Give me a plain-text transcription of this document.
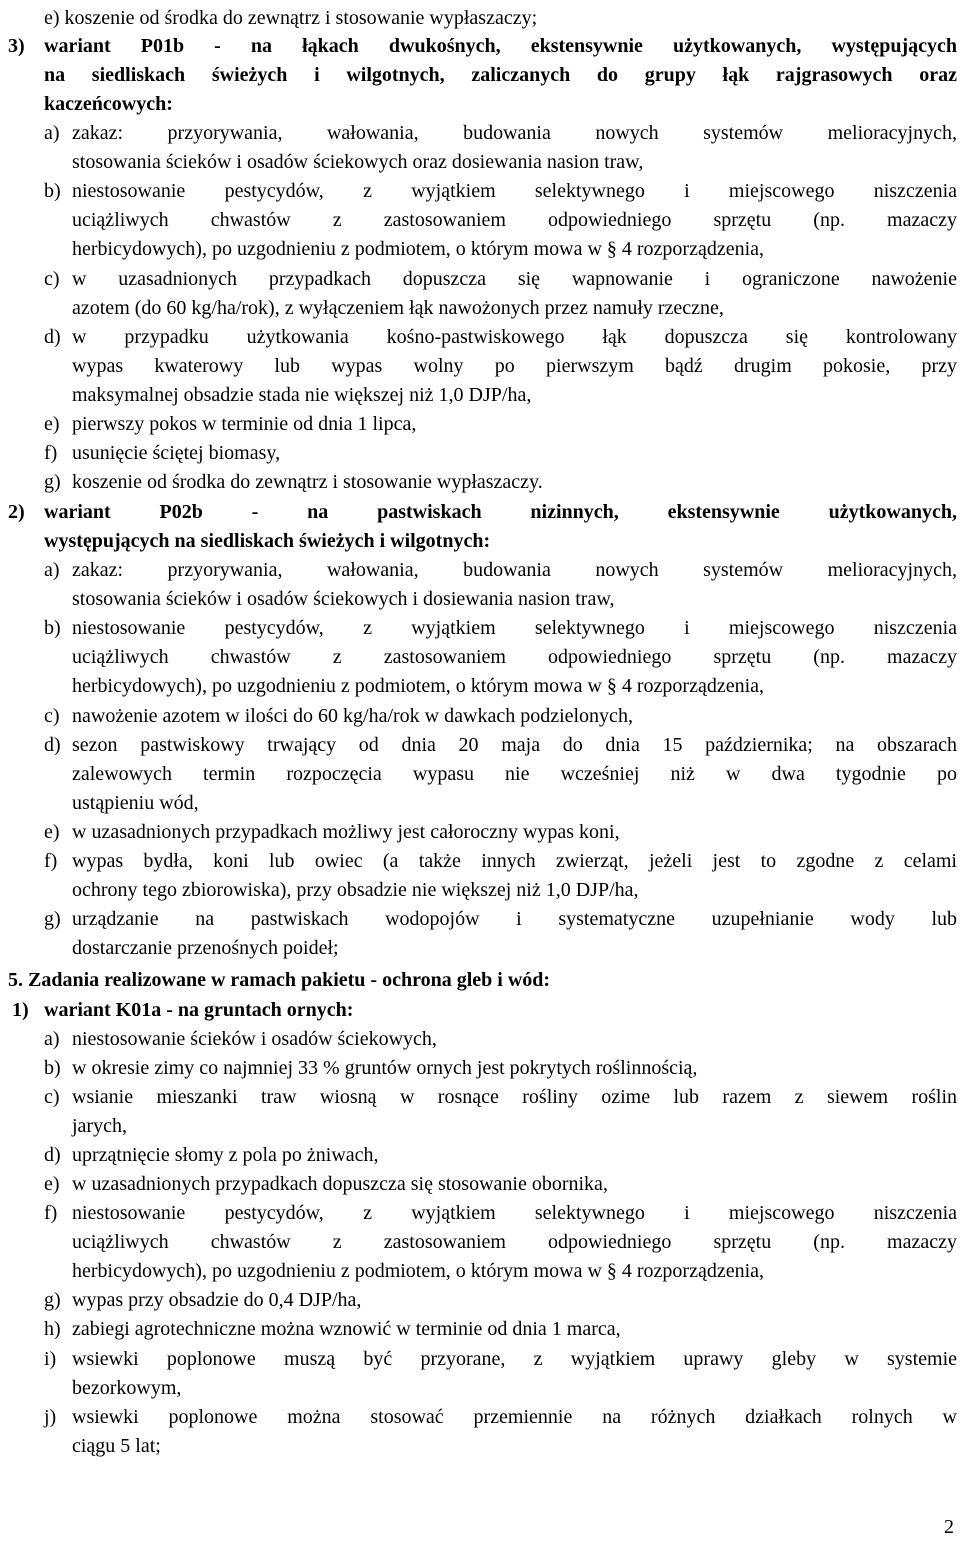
e) koszenie od środka do zewnątrz i stosowanie wypłaszaczy;
3) wariant P01b - na łąkach dwukośnych, ekstensywnie użytkowanych, występujących
na siedliskach świeżych i wilgotnych, zaliczanych do grupy łąk rajgrasowych oraz
kaczeńcowych:
a) zakaz: przyorywania, wałowania, budowania nowych systemów melioracyjnych,
stosowania ścieków i osadów ściekowych oraz dosiewania nasion traw,
b) niestosowanie pestycydów, z wyjątkiem selektywnego i miejscowego niszczenia
uciążliwych chwastów z zastosowaniem odpowiedniego sprzętu (np. mazaczy
herbicydowych), po uzgodnieniu z podmiotem, o którym mowa w § 4 rozporządzenia,
c) w uzasadnionych przypadkach dopuszcza się wapnowanie i ograniczone nawożenie
azotem (do 60 kg/ha/rok), z wyłączeniem łąk nawożonych przez namuły rzeczne,
d) w przypadku użytkowania kośno-pastwiskowego łąk dopuszcza się kontrolowany
wypas kwaterowy lub wypas wolny po pierwszym bądź drugim pokosie, przy
maksymalnej obsadzie stada nie większej niż 1,0 DJP/ha,
e) pierwszy pokos w terminie od dnia 1 lipca,
f) usunięcie ściętej biomasy,
g) koszenie od środka do zewnątrz i stosowanie wypłaszaczy.
2) wariant P02b - na pastwiskach nizinnych, ekstensywnie użytkowanych,
występujących na siedliskach świeżych i wilgotnych:
a) zakaz: przyorywania, wałowania, budowania nowych systemów melioracyjnych,
stosowania ścieków i osadów ściekowych i dosiewania nasion traw,
b) niestosowanie pestycydów, z wyjątkiem selektywnego i miejscowego niszczenia
uciążliwych chwastów z zastosowaniem odpowiedniego sprzętu (np. mazaczy
herbicydowych), po uzgodnieniu z podmiotem, o którym mowa w § 4 rozporządzenia,
c) nawożenie azotem w ilości do 60 kg/ha/rok w dawkach podzielonych,
d) sezon pastwiskowy trwający od dnia 20 maja do dnia 15 października; na obszarach
zalewowych termin rozpoczęcia wypasu nie wcześniej niż w dwa tygodnie po
ustąpieniu wód,
e) w uzasadnionych przypadkach możliwy jest całoroczny wypas koni,
f) wypas bydła, koni lub owiec (a także innych zwierząt, jeżeli jest to zgodne z celami
ochrony tego zbiorowiska), przy obsadzie nie większej niż 1,0 DJP/ha,
g) urządzanie na pastwiskach wodopojów i systematyczne uzupełnianie wody lub
dostarczanie przenośnych poideł;
5. Zadania realizowane w ramach pakietu - ochrona gleb i wód:
1) wariant K01a - na gruntach ornych:
a) niestosowanie ścieków i osadów ściekowych,
b) w okresie zimy co najmniej 33 % gruntów ornych jest pokrytych roślinnością,
c) wsianie mieszanki traw wiosną w rosnące rośliny ozime lub razem z siewem roślin
jarych,
d) uprzątnięcie słomy z pola po żniwach,
e) w uzasadnionych przypadkach dopuszcza się stosowanie obornika,
f) niestosowanie pestycydów, z wyjątkiem selektywnego i miejscowego niszczenia
uciążliwych chwastów z zastosowaniem odpowiedniego sprzętu (np. mazaczy
herbicydowych), po uzgodnieniu z podmiotem, o którym mowa w § 4 rozporządzenia,
g) wypas przy obsadzie do 0,4 DJP/ha,
h) zabiegi agrotechniczne można wznowić w terminie od dnia 1 marca,
i) wsiewki poplonowe muszą być przyorane, z wyjątkiem uprawy gleby w systemie
bezorkowym,
j) wsiewki poplonowe można stosować przemiennie na różnych działkach rolnych w
ciągu 5 lat;
2
